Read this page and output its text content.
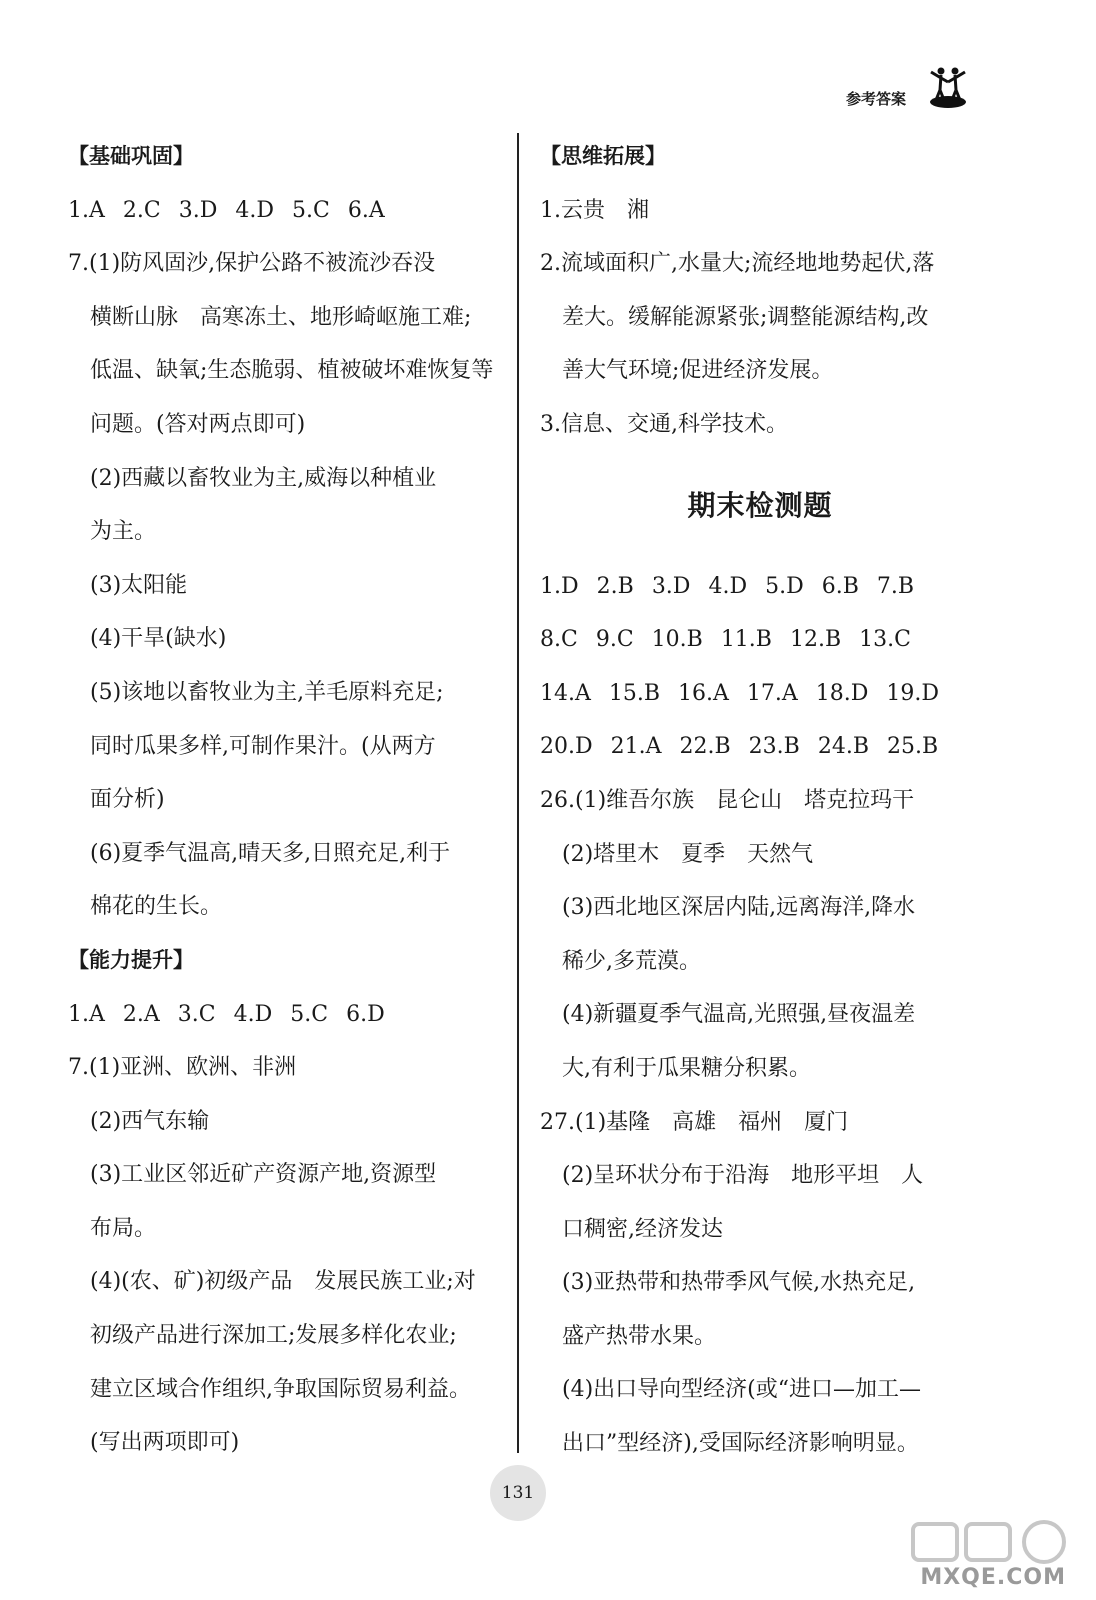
参考答案
【基础巩固】
1.A 2.C 3.D 4.D 5.C 6.A
7.(1)防风固沙,保护公路不被流沙吞没
横断山脉　高寒冻土、地形崎岖施工难;
低温、缺氧;生态脆弱、植被破坏难恢复等
问题。(答对两点即可)
(2)西藏以畜牧业为主,威海以种植业
为主。
(3)太阳能
(4)干旱(缺水)
(5)该地以畜牧业为主,羊毛原料充足;
同时瓜果多样,可制作果汁。(从两方
面分析)
(6)夏季气温高,晴天多,日照充足,利于
棉花的生长。
【能力提升】
1.A 2.A 3.C 4.D 5.C 6.D
7.(1)亚洲、欧洲、非洲
(2)西气东输
(3)工业区邻近矿产资源产地,资源型
布局。
(4)(农、矿)初级产品　发展民族工业;对
初级产品进行深加工;发展多样化农业;
建立区域合作组织,争取国际贸易利益。
(写出两项即可)
【思维拓展】
1.云贵　湘
2.流域面积广,水量大;流经地地势起伏,落
差大。缓解能源紧张;调整能源结构,改
善大气环境;促进经济发展。
3.信息、交通,科学技术。
期末检测题
1.D 2.B 3.D 4.D 5.D 6.B 7.B
8.C 9.C 10.B 11.B 12.B 13.C
14.A 15.B 16.A 17.A 18.D 19.D
20.D 21.A 22.B 23.B 24.B 25.B
26.(1)维吾尔族　昆仑山　塔克拉玛干
(2)塔里木　夏季　天然气
(3)西北地区深居内陆,远离海洋,降水
稀少,多荒漠。
(4)新疆夏季气温高,光照强,昼夜温差
大,有利于瓜果糖分积累。
27.(1)基隆　高雄　福州　厦门
(2)呈环状分布于沿海　地形平坦　人
口稠密,经济发达
(3)亚热带和热带季风气候,水热充足,
盛产热带水果。
(4)出口导向型经济(或“进口—加工—
出口”型经济),受国际经济影响明显。
131
MXQE.COM
